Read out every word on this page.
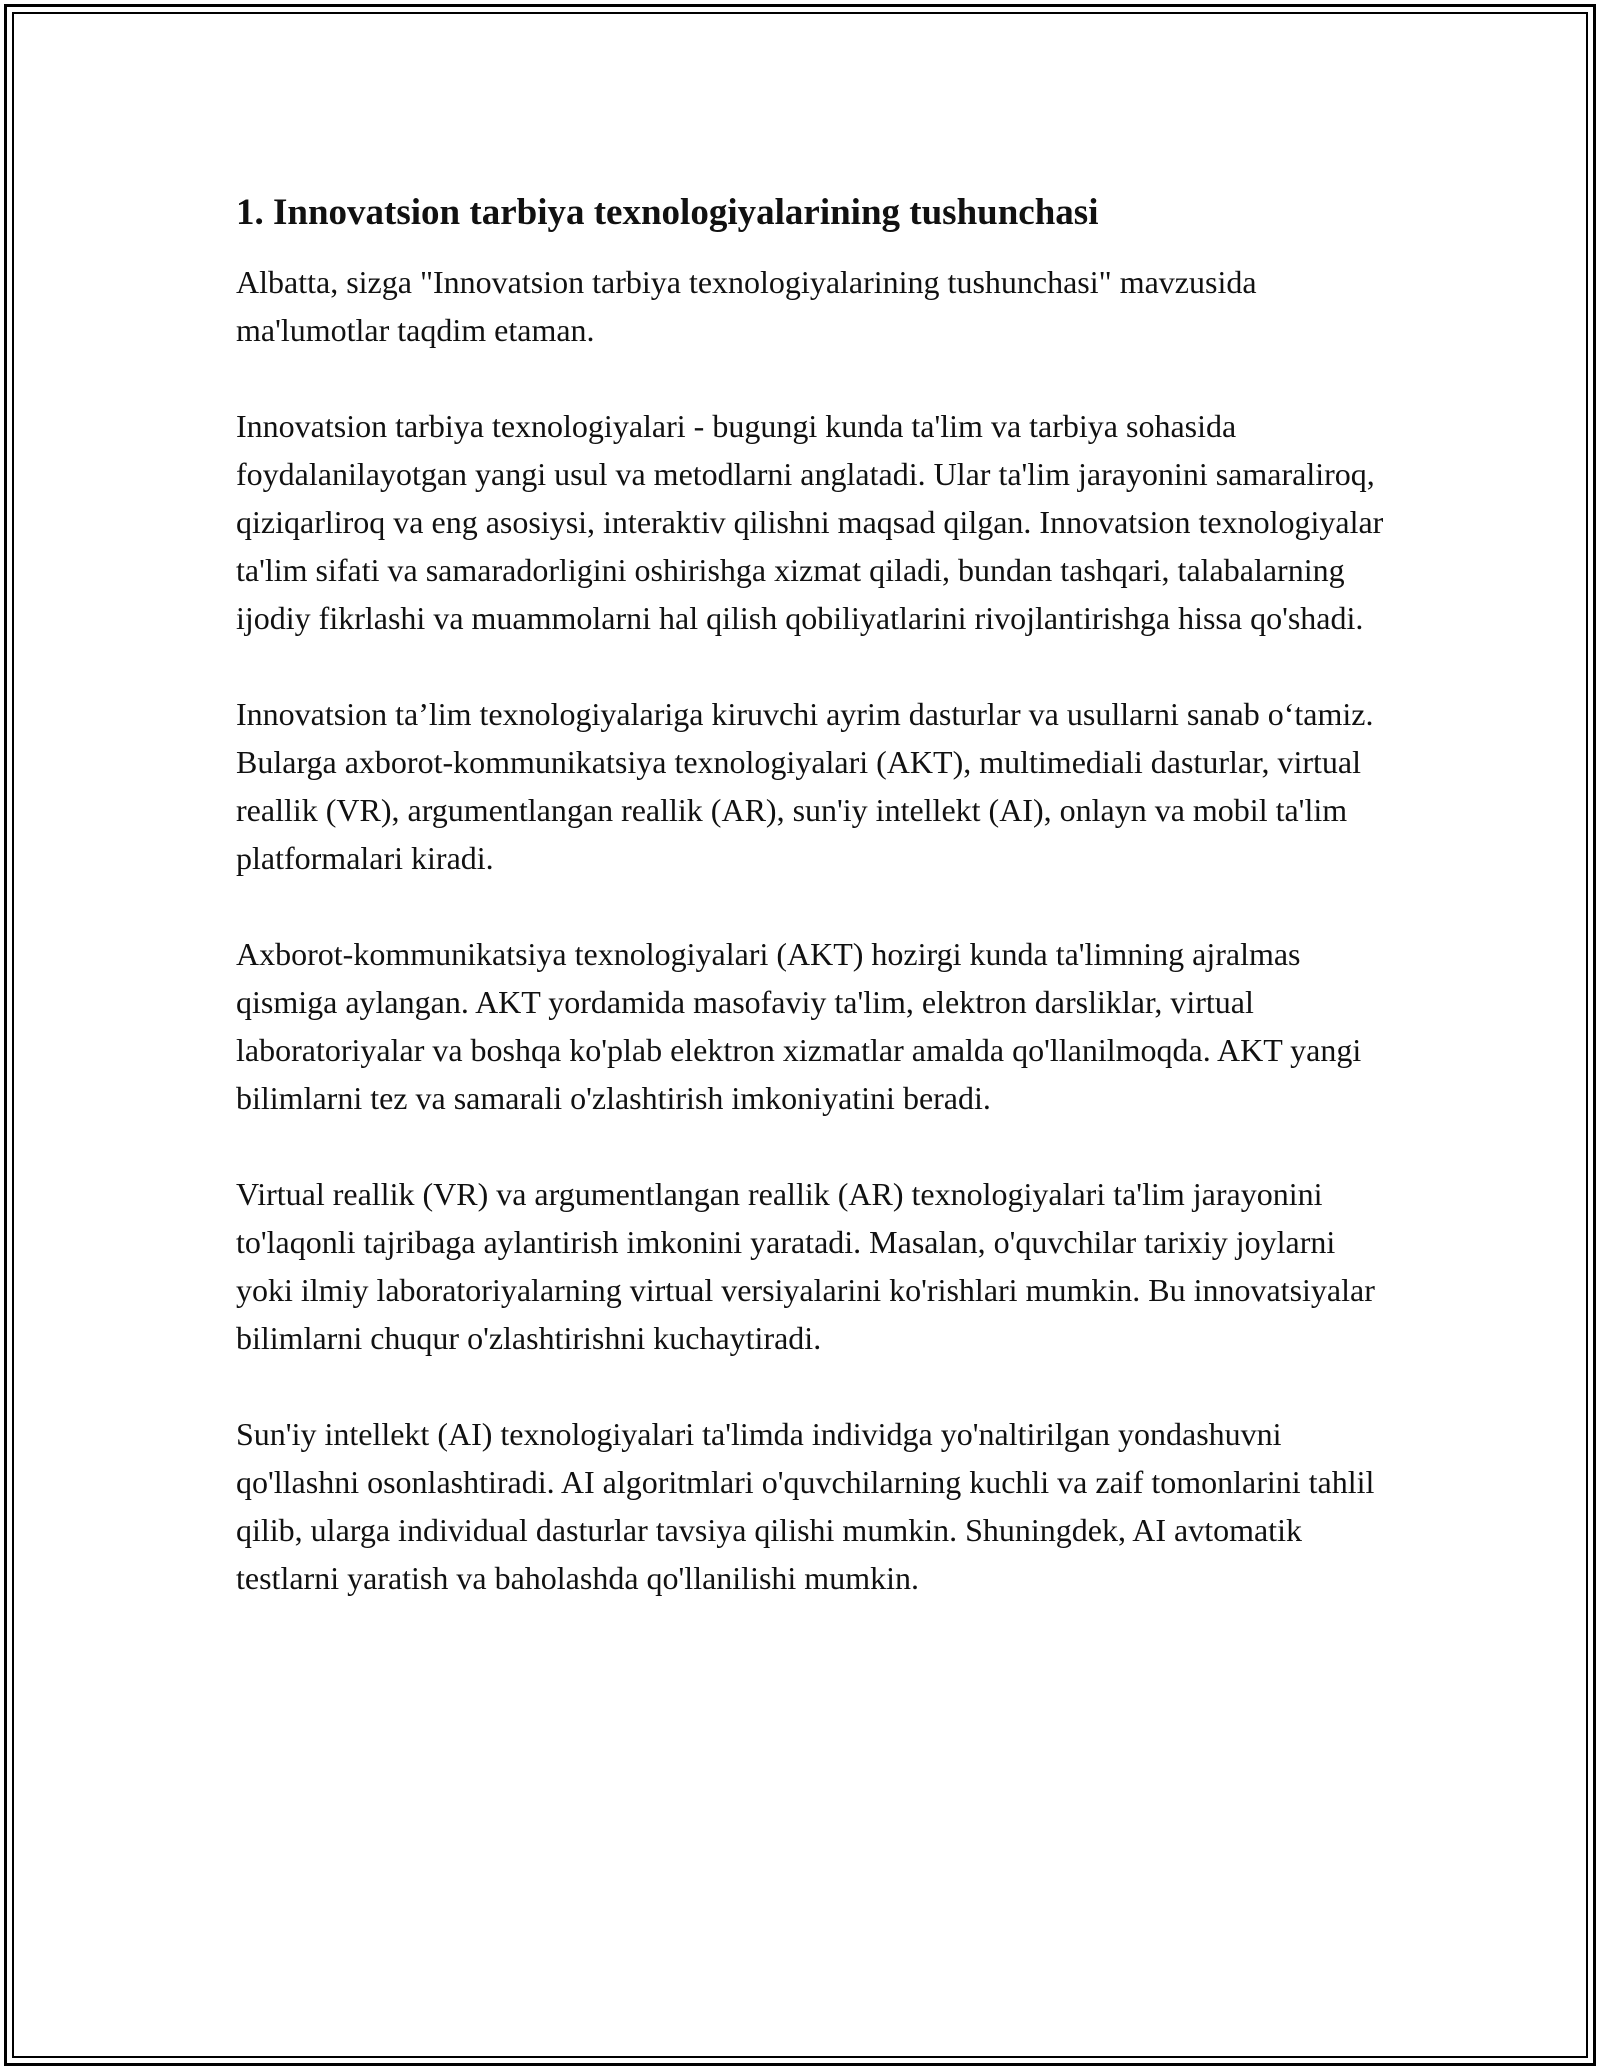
1. Innovatsion tarbiya texnologiyalarining tushunchasi

Albatta, sizga "Innovatsion tarbiya texnologiyalarining tushunchasi" mavzusida ma'lumotlar taqdim etaman.

Innovatsion tarbiya texnologiyalari - bugungi kunda ta'lim va tarbiya sohasida foydalanilayotgan yangi usul va metodlarni anglatadi. Ular ta'lim jarayonini samaraliroq, qiziqarliroq va eng asosiysi, interaktiv qilishni maqsad qilgan. Innovatsion texnologiyalar ta'lim sifati va samaradorligini oshirishga xizmat qiladi, bundan tashqari, talabalarning ijodiy fikrlashi va muammolarni hal qilish qobiliyatlarini rivojlantirishga hissa qo'shadi.

Innovatsion ta’lim texnologiyalariga kiruvchi ayrim dasturlar va usullarni sanab o‘tamiz. Bularga axborot-kommunikatsiya texnologiyalari (AKT), multimediali dasturlar, virtual reallik (VR), argumentlangan reallik (AR), sun'iy intellekt (AI), onlayn va mobil ta'lim platformalari kiradi.

Axborot-kommunikatsiya texnologiyalari (AKT) hozirgi kunda ta'limning ajralmas qismiga aylangan. AKT yordamida masofaviy ta'lim, elektron darsliklar, virtual laboratoriyalar va boshqa ko'plab elektron xizmatlar amalda qo'llanilmoqda. AKT yangi bilimlarni tez va samarali o'zlashtirish imkoniyatini beradi.

Virtual reallik (VR) va argumentlangan reallik (AR) texnologiyalari ta'lim jarayonini to'laqonli tajribaga aylantirish imkonini yaratadi. Masalan, o'quvchilar tarixiy joylarni yoki ilmiy laboratoriyalarning virtual versiyalarini ko'rishlari mumkin. Bu innovatsiyalar bilimlarni chuqur o'zlashtirishni kuchaytiradi.

Sun'iy intellekt (AI) texnologiyalari ta'limda individga yo'naltirilgan yondashuvni qo'llashni osonlashtiradi. AI algoritmlari o'quvchilarning kuchli va zaif tomonlarini tahlil qilib, ularga individual dasturlar tavsiya qilishi mumkin. Shuningdek, AI avtomatik testlarni yaratish va baholashda qo'llanilishi mumkin.
